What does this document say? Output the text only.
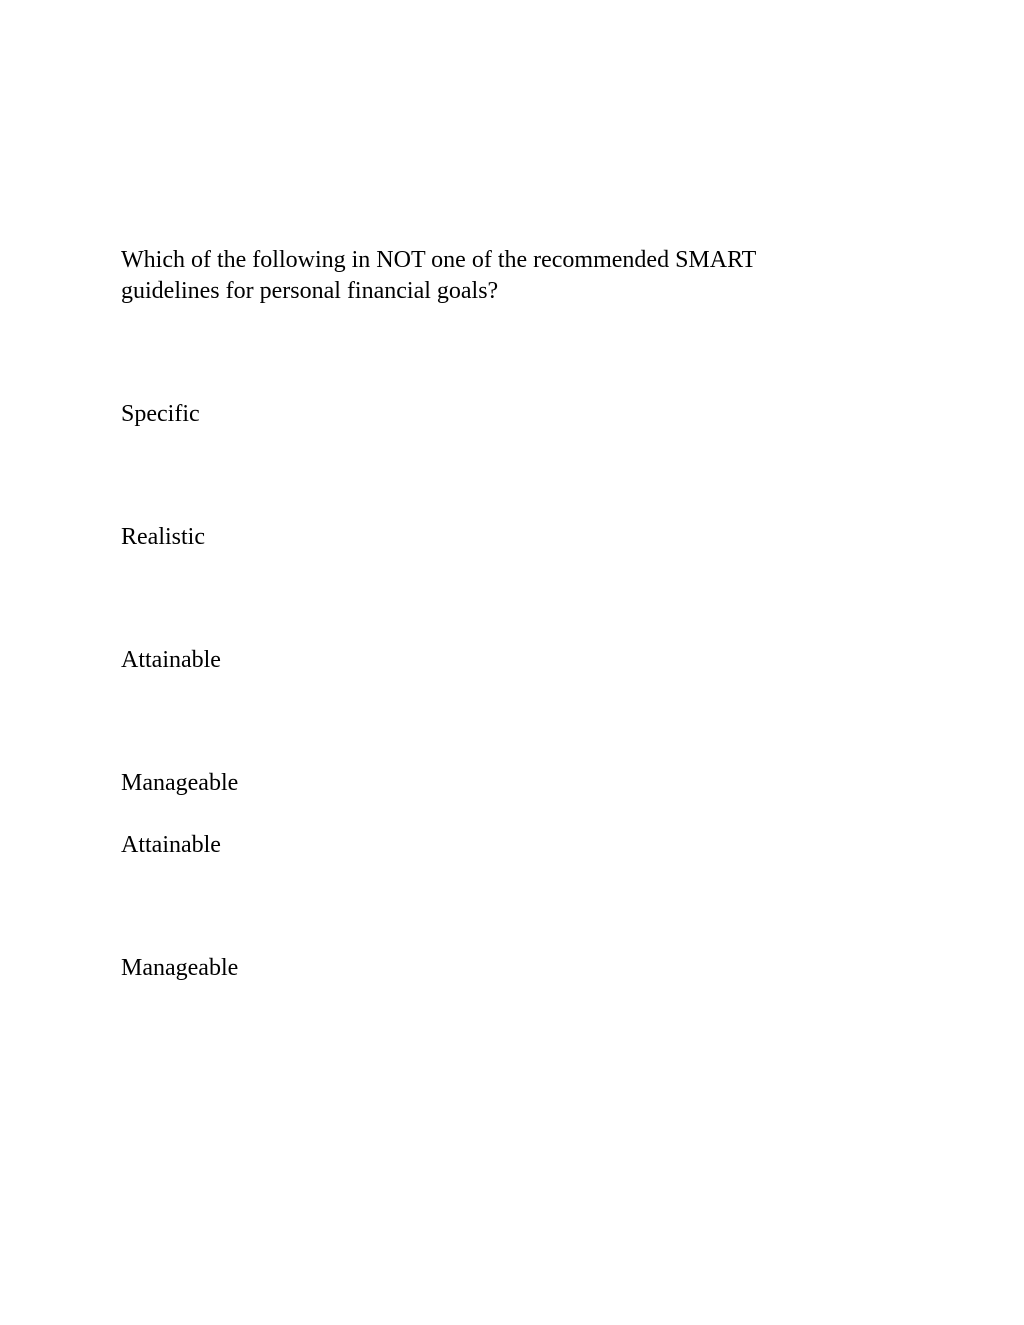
Which of the following in NOT one of the recommended SMART
guidelines for personal financial goals?
Specific
Realistic
Attainable
Manageable
Attainable
Manageable
